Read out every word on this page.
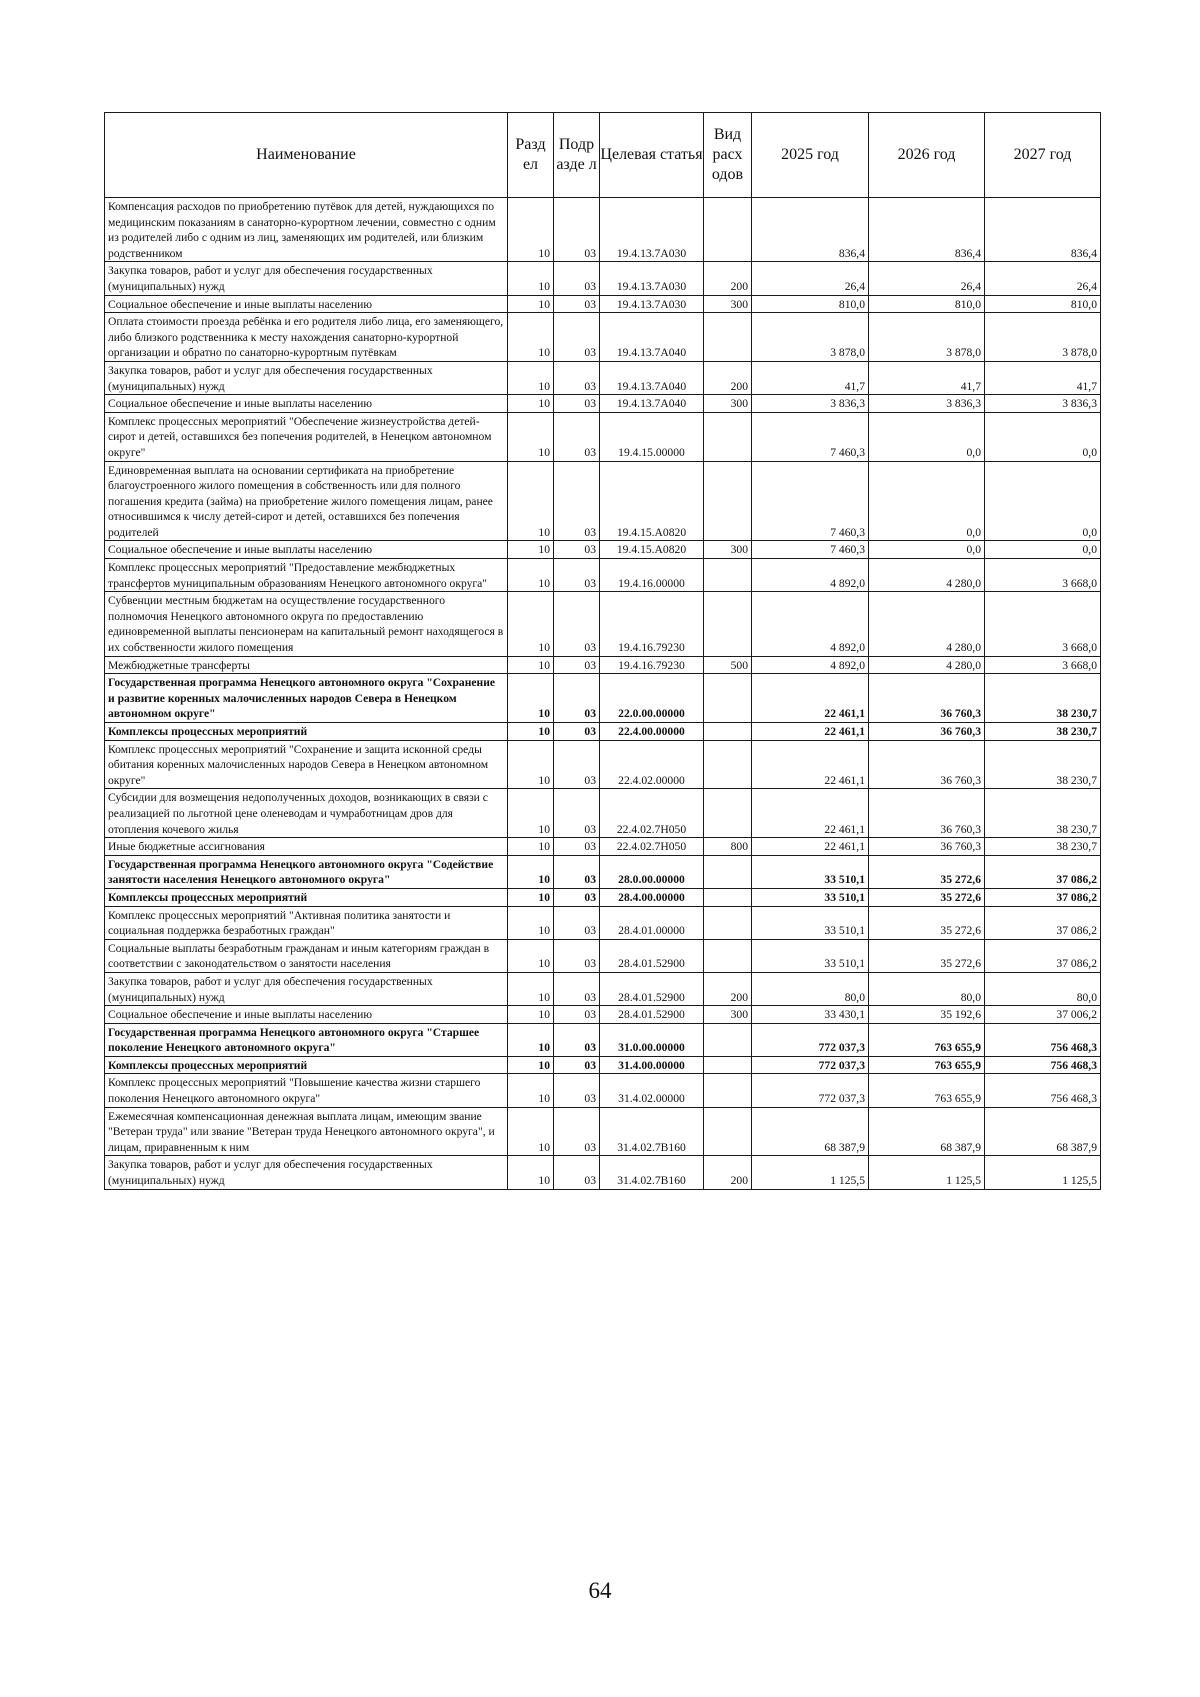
Наименование	Разд ел	Подр азде л	Целевая статья	Вид расх одов	2025 год	2026 год	2027 год
Компенсация расходов по приобретению путёвок для детей, нуждающихся по медицинским показаниям в санаторно-курортном лечении, совместно с одним из родителей либо с одним из лиц, заменяющих им родителей, или близким родственником	10	03	19.4.13.7А030		836,4	836,4	836,4
Закупка товаров, работ и услуг для обеспечения государственных (муниципальных) нужд	10	03	19.4.13.7А030	200	26,4	26,4	26,4
Социальное обеспечение и иные выплаты населению	10	03	19.4.13.7А030	300	810,0	810,0	810,0
Оплата стоимости проезда ребёнка и его родителя либо лица, его заменяющего, либо близкого родственника к месту нахождения санаторно-курортной организации и обратно по санаторно-курортным путёвкам	10	03	19.4.13.7А040		3 878,0	3 878,0	3 878,0
Закупка товаров, работ и услуг для обеспечения государственных (муниципальных) нужд	10	03	19.4.13.7А040	200	41,7	41,7	41,7
Социальное обеспечение и иные выплаты населению	10	03	19.4.13.7А040	300	3 836,3	3 836,3	3 836,3
Комплекс процессных мероприятий "Обеспечение жизнеустройства детей-сирот и детей, оставшихся без попечения родителей, в Ненецком автономном округе"	10	03	19.4.15.00000		7 460,3	0,0	0,0
Единовременная выплата на основании сертификата на приобретение благоустроенного жилого помещения в собственность или для полного погашения кредита (займа) на приобретение жилого помещения лицам, ранее относившимся к числу детей-сирот и детей, оставшихся без попечения родителей	10	03	19.4.15.А0820		7 460,3	0,0	0,0
Социальное обеспечение и иные выплаты населению	10	03	19.4.15.А0820	300	7 460,3	0,0	0,0
Комплекс процессных мероприятий "Предоставление межбюджетных трансфертов муниципальным образованиям Ненецкого автономного округа"	10	03	19.4.16.00000		4 892,0	4 280,0	3 668,0
Субвенции местным бюджетам на осуществление государственного полномочия Ненецкого автономного округа по предоставлению единовременной выплаты пенсионерам на капитальный ремонт находящегося в их собственности жилого помещения	10	03	19.4.16.79230		4 892,0	4 280,0	3 668,0
Межбюджетные трансферты	10	03	19.4.16.79230	500	4 892,0	4 280,0	3 668,0
Государственная программа Ненецкого автономного округа "Сохранение и развитие коренных малочисленных народов Севера в Ненецком автономном округе"	10	03	22.0.00.00000		22 461,1	36 760,3	38 230,7
Комплексы процессных мероприятий	10	03	22.4.00.00000		22 461,1	36 760,3	38 230,7
Комплекс процессных мероприятий "Сохранение и защита исконной среды обитания коренных малочисленных народов Севера в Ненецком автономном округе"	10	03	22.4.02.00000		22 461,1	36 760,3	38 230,7
Субсидии для возмещения недополученных доходов, возникающих в связи с реализацией по льготной цене оленеводам и чумработницам дров для отопления кочевого жилья	10	03	22.4.02.7Н050		22 461,1	36 760,3	38 230,7
Иные бюджетные ассигнования	10	03	22.4.02.7Н050	800	22 461,1	36 760,3	38 230,7
Государственная программа Ненецкого автономного округа "Содействие занятости населения Ненецкого автономного округа"	10	03	28.0.00.00000		33 510,1	35 272,6	37 086,2
Комплексы процессных мероприятий	10	03	28.4.00.00000		33 510,1	35 272,6	37 086,2
Комплекс процессных мероприятий "Активная политика занятости и социальная поддержка безработных граждан"	10	03	28.4.01.00000		33 510,1	35 272,6	37 086,2
Социальные выплаты безработным гражданам и иным категориям граждан в соответствии с законодательством о занятости населения	10	03	28.4.01.52900		33 510,1	35 272,6	37 086,2
Закупка товаров, работ и услуг для обеспечения государственных (муниципальных) нужд	10	03	28.4.01.52900	200	80,0	80,0	80,0
Социальное обеспечение и иные выплаты населению	10	03	28.4.01.52900	300	33 430,1	35 192,6	37 006,2
Государственная программа Ненецкого автономного округа "Старшее поколение Ненецкого автономного округа"	10	03	31.0.00.00000		772 037,3	763 655,9	756 468,3
Комплексы процессных мероприятий	10	03	31.4.00.00000		772 037,3	763 655,9	756 468,3
Комплекс процессных мероприятий "Повышение качества жизни старшего поколения Ненецкого автономного округа"	10	03	31.4.02.00000		772 037,3	763 655,9	756 468,3
Ежемесячная компенсационная денежная выплата лицам, имеющим звание "Ветеран труда" или звание "Ветеран труда Ненецкого автономного округа", и лицам, приравненным к ним	10	03	31.4.02.7В160		68 387,9	68 387,9	68 387,9
Закупка товаров, работ и услуг для обеспечения государственных (муниципальных) нужд	10	03	31.4.02.7В160	200	1 125,5	1 125,5	1 125,5
64
